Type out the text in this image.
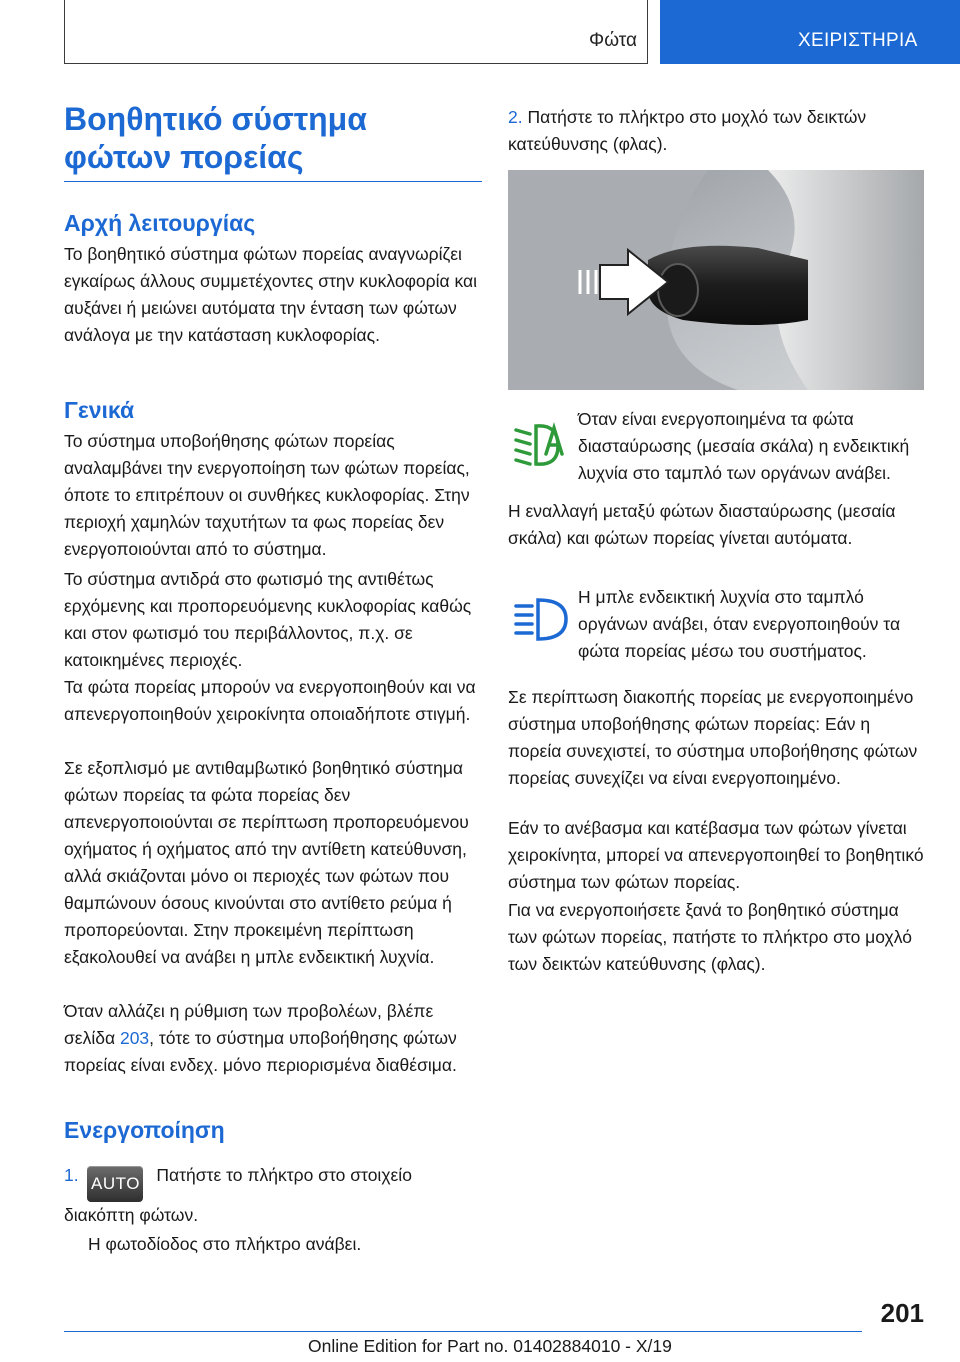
Φώτα	ΧΕΙΡΙΣΤΗΡΙΑ
Βοηθητικό σύστημα φώτων πορείας
Αρχή λειτουργίας

Το βοηθητικό σύστημα φώτων πορείας αναγνωρίζει εγκαίρως άλλους συμμετέχοντες στην κυκλοφορία και αυξάνει ή μειώνει αυτόματα την ένταση των φώτων ανάλογα με την κατάσταση κυκλοφορίας.

Γενικά

Το σύστημα υποβοήθησης φώτων πορείας αναλαμβάνει την ενεργοποίηση των φώτων πορείας, όποτε το επιτρέπουν οι συνθήκες κυκλοφορίας. Στην περιοχή χαμηλών ταχυτήτων τα φως πορείας δεν ενεργοποιούνται από το σύστημα.

Το σύστημα αντιδρά στο φωτισμό της αντιθέτως ερχόμενης και προπορευόμενης κυκλοφορίας καθώς και στον φωτισμό του περιβάλλοντος, π.χ. σε κατοικημένες περιοχές.

Τα φώτα πορείας μπορούν να ενεργοποιηθούν και να απενεργοποιηθούν χειροκίνητα οποιαδήποτε στιγμή.

Σε εξοπλισμό με αντιθαμβωτικό βοηθητικό σύστημα φώτων πορείας τα φώτα πορείας δεν απενεργοποιούνται σε περίπτωση προπορευόμενου οχήματος ή οχήματος από την αντίθετη κατεύθυνση, αλλά σκιάζονται μόνο οι περιοχές των φώτων που θαμπώνουν όσους κινούνται στο αντίθετο ρεύμα ή προπορεύονται. Στην προκειμένη περίπτωση εξακολουθεί να ανάβει η μπλε ενδεικτική λυχνία.

Όταν αλλάζει η ρύθμιση των προβολέων, βλέπε σελίδα 203, τότε το σύστημα υποβοήθησης φώτων πορείας είναι ενδεχ. μόνο περιορισμένα διαθέσιμα.

Ενεργοποίηση

1. AUTO Πατήστε το πλήκτρο στο στοιχείο διακόπτη φώτων.

Η φωτοδίοδος στο πλήκτρο ανάβει.

2. Πατήστε το πλήκτρο στο μοχλό των δεικτών κατεύθυνσης (φλας).

Όταν είναι ενεργοποιημένα τα φώτα διασταύρωσης (μεσαία σκάλα) η ενδεικτική λυχνία στο ταμπλό των οργάνων ανάβει.

Η εναλλαγή μεταξύ φώτων διασταύρωσης (μεσαία σκάλα) και φώτων πορείας γίνεται αυτόματα.

Η μπλε ενδεικτική λυχνία στο ταμπλό οργάνων ανάβει, όταν ενεργοποιηθούν τα φώτα πορείας μέσω του συστήματος.

Σε περίπτωση διακοπής πορείας με ενεργοποιημένο σύστημα υποβοήθησης φώτων πορείας: Εάν η πορεία συνεχιστεί, το σύστημα υποβοήθησης φώτων πορείας συνεχίζει να είναι ενεργοποιημένο.

Εάν το ανέβασμα και κατέβασμα των φώτων γίνεται χειροκίνητα, μπορεί να απενεργοποιηθεί το βοηθητικό σύστημα των φώτων πορείας.

Για να ενεργοποιήσετε ξανά το βοηθητικό σύστημα των φώτων πορείας, πατήστε το πλήκτρο στο μοχλό των δεικτών κατεύθυνσης (φλας).

201
Online Edition for Part no. 01402884010 - X/19
